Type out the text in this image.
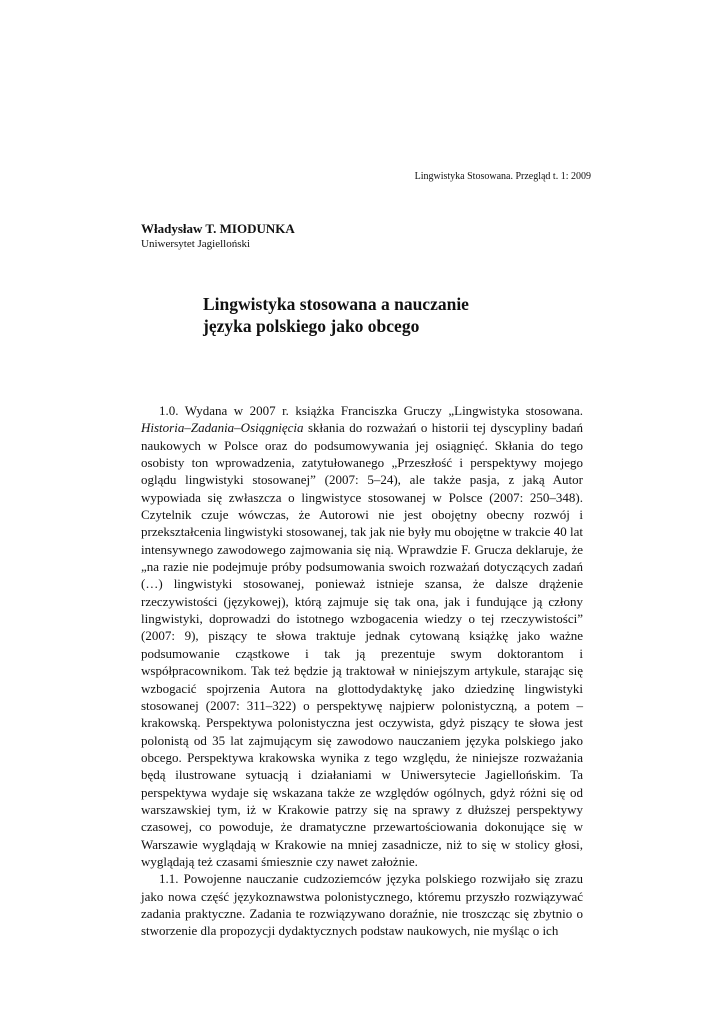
Lingwistyka Stosowana. Przegląd t. 1: 2009
Władysław T. MIODUNKA
Uniwersytet Jagielloński
Lingwistyka stosowana a nauczanie
języka polskiego jako obcego

1.0. Wydana w 2007 r. książka Franciszka Gruczy „Lingwistyka stosowana. Historia–Zadania–Osiągnięcia skłania do rozważań o historii tej dyscypliny badań naukowych w Polsce oraz do podsumowywania jej osiągnięć. Skłania do tego osobisty ton wprowadzenia, zatytułowanego „Przeszłość i perspektywy mojego oglądu lingwistyki stosowanej” (2007: 5–24), ale także pasja, z jaką Autor wypowiada się zwłaszcza o lingwistyce stosowanej w Polsce (2007: 250–348). Czytelnik czuje wówczas, że Autorowi nie jest obojętny obecny rozwój i przekształcenia lingwistyki stosowanej, tak jak nie były mu obojętne w trakcie 40 lat intensywnego zawodowego zajmowania się nią. Wprawdzie F. Grucza deklaruje, że „na razie nie podejmuje próby podsumowania swoich rozważań dotyczących zadań (…) lingwistyki stosowanej, ponieważ istnieje szansa, że dalsze drążenie rzeczywistości (językowej), którą zajmuje się tak ona, jak i fundujące ją człony lingwistyki, doprowadzi do istotnego wzbogacenia wiedzy o tej rzeczywistości” (2007: 9), piszący te słowa traktuje jednak cytowaną książkę jako ważne podsumowanie cząstkowe i tak ją prezentuje swym doktorantom i współpracownikom. Tak też będzie ją traktował w niniejszym artykule, starając się wzbogacić spojrzenia Autora na glottodydaktykę jako dziedzinę lingwistyki stosowanej (2007: 311–322) o perspektywę najpierw polonistyczną, a potem – krakowską. Perspektywa polonistyczna jest oczywista, gdyż piszący te słowa jest polonistą od 35 lat zajmującym się zawodowo nauczaniem języka polskiego jako obcego. Perspektywa krakowska wynika z tego względu, że niniejsze rozważania będą ilustrowane sytuacją i działaniami w Uniwersytecie Jagiellońskim. Ta perspektywa wydaje się wskazana także ze względów ogólnych, gdyż różni się od warszawskiej tym, iż w Krakowie patrzy się na sprawy z dłuższej perspektywy czasowej, co powoduje, że dramatyczne przewartościowania dokonujące się w Warszawie wyglądają w Krakowie na mniej zasadnicze, niż to się w stolicy głosi, wyglądają też czasami śmiesznie czy nawet założnie.

1.1. Powojenne nauczanie cudzoziemców języka polskiego rozwijało się zrazu jako nowa część językoznawstwa polonistycznego, któremu przyszło rozwiązywać zadania praktyczne. Zadania te rozwiązywano doraźnie, nie troszcząc się zbytnio o stworzenie dla propozycji dydaktycznych podstaw naukowych, nie myśląc o ich
